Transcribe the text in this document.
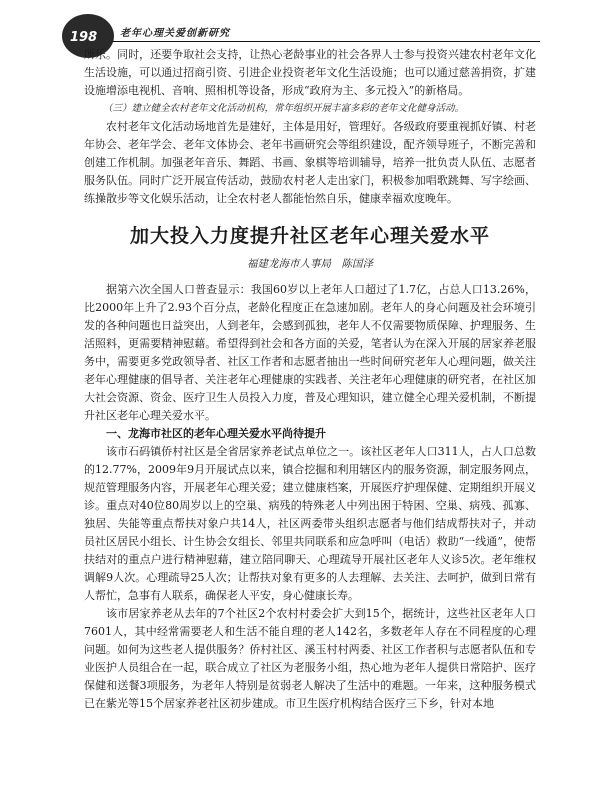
198 老年心理关爱创新研究

所乐。同时，还要争取社会支持，让热心老龄事业的社会各界人士参与投资兴建农村老年文化生活设施，可以通过招商引资、引进企业投资老年文化生活设施；也可以通过慈善捐资，扩建设施增添电视机、音响、照相机等设备，形成“政府为主、多元投入”的新格局。

（三）建立健全农村老年文化活动机构，常年组织开展丰富多彩的老年文化健身活动。

农村老年文化活动场地首先是建好，主体是用好，管理好。各级政府要重视抓好镇、村老年协会、老年学会、老年文体协会、老年书画研究会等组织建设，配齐领导班子，不断完善和创建工作机制。加强老年音乐、舞蹈、书画、象棋等培训辅导，培养一批负责人队伍、志愿者服务队伍。同时广泛开展宣传活动，鼓励农村老人走出家门，积极参加唱歌跳舞、写字绘画、练操散步等文化娱乐活动，让全农村老人都能怡然自乐，健康幸福欢度晚年。

加大投入力度提升社区老年心理关爱水平
福建龙海市人事局　陈国泽

据第六次全国人口普查显示：我国60岁以上老年人口超过了1.7亿，占总人口13.26%，比2000年上升了2.93个百分点，老龄化程度正在急速加剧。老年人的身心问题及社会环境引发的各种问题也日益突出，人到老年，会感到孤独，老年人不仅需要物质保障、护理服务、生活照料，更需要精神慰藉。希望得到社会和各方面的关爱，笔者认为在深入开展的居家养老服务中，需要更多党政领导者、社区工作者和志愿者抽出一些时间研究老年人心理问题，做关注老年心理健康的倡导者、关注老年心理健康的实践者、关注老年心理健康的研究者，在社区加大社会资源、资金、医疗卫生人员投入力度，普及心理知识，建立健全心理关爱机制，不断提升社区老年心理关爱水平。

一、龙海市社区的老年心理关爱水平尚待提升

该市石码镇侨村社区是全省居家养老试点单位之一。该社区老年人口311人，占人口总数的12.77%，2009年9月开展试点以来，镇合挖掘和利用辖区内的服务资源，制定服务网点，规范管理服务内容，开展老年心理关爱；建立健康档案，开展医疗护理保健、定期组织开展义诊。重点对40位80周岁以上的空巢、病残的特殊老人中列出困于特困、空巢、病残、孤寡、独居、失能等重点帮扶对象户共14人，社区两委带头组织志愿者与他们结成帮扶对子，并动员社区居民小组长、计生协会女组长、邻里共同联系和应急呼叫（电话）救助“一线通”，使帮扶结对的重点户进行精神慰藉，建立陪同聊天、心理疏导开展社区老年人义诊5次。老年维权调解9人次。心理疏导25人次；让帮扶对象有更多的人去理解、去关注、去呵护，做到日常有人帮忙，急事有人联系，确保老人平安，身心健康长寿。

该市居家养老从去年的7个社区2个农村村委会扩大到15个，据统计，这些社区老年人口7601人，其中经常需要老人和生活不能自理的老人142名，多数老年人存在不同程度的心理问题。如何为这些老人提供服务？侨村社区、溪玉村村两委、社区工作者积与志愿者队伍和专业医护人员组合在一起，联合成立了社区为老服务小组，热心地为老年人提供日常陪护、医疗保健和送餐3项服务，为老年人特别是贫弱老人解决了生活中的难题。一年来，这种服务模式已在紫光等15个居家养老社区初步建成。市卫生医疗机构结合医疗三下乡，针对本地
